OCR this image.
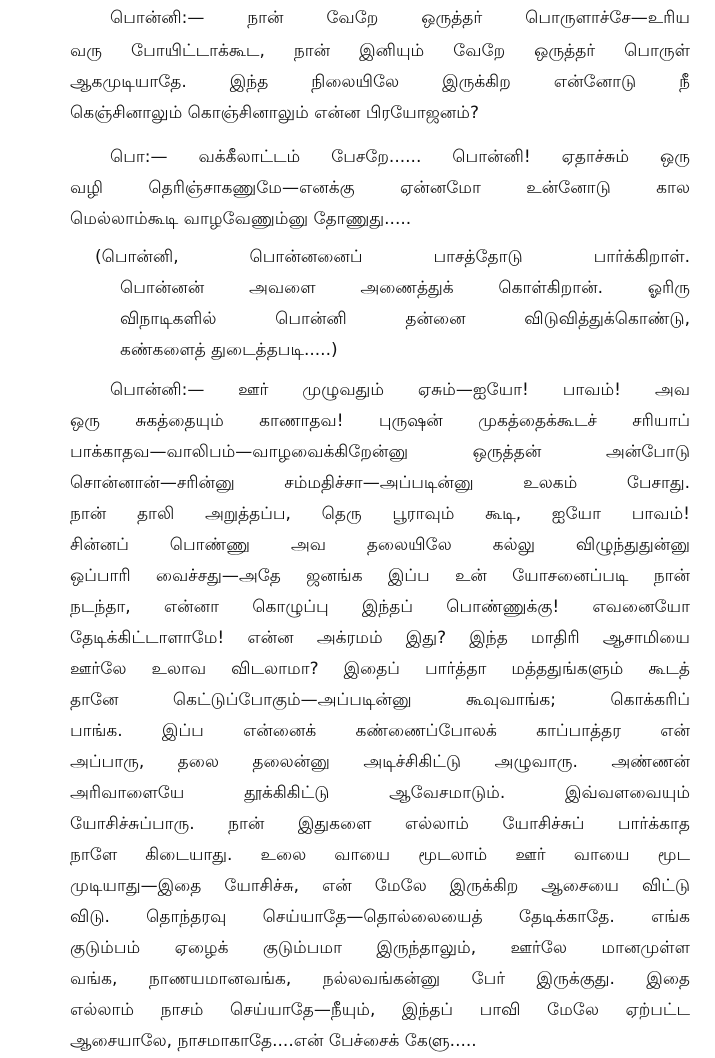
பொன்னி:— நான் வேறே ஒருத்தர் பொருளாச்சே—உரிய
வரு போயிட்டாக்கூட, நான் இனியும் வேறே ஒருத்தர் பொருள்
ஆகமுடியாதே. இந்த நிலையிலே இருக்கிற என்னோடு நீ
கெஞ்சினாலும் கொஞ்சினாலும் என்ன பிரயோஜனம்?
பொ:— வக்கீலாட்டம் பேசறே...... பொன்னி! ஏதாச்சும் ஒரு
வழி தெரிஞ்சாகணுமே—எனக்கு ஏன்னமோ உன்னோடு கால
மெல்லாம்கூடி வாழவேணும்னு தோணுது.....
(பொன்னி, பொன்னனைப் பாசத்தோடு பார்க்கிறாள்.
பொன்னன் அவளை அணைத்துக் கொள்கிறான். ஓரிரு
விநாடிகளில் பொன்னி தன்னை விடுவித்துக்கொண்டு,
கண்களைத் துடைத்தபடி.....)
பொன்னி:— ஊர் முழுவதும் ஏசும்—ஐயோ! பாவம்! அவ
ஒரு சுகத்தையும் காணாதவ! புருஷன் முகத்தைக்கூடச் சரியாப்
பாக்காதவ—வாலிபம்—வாழவைக்கிறேன்னு ஒருத்தன் அன்போடு
சொன்னான்—சரின்னு சம்மதிச்சா—அப்படின்னு உலகம் பேசாது.
நான் தாலி அறுத்தப்ப, தெரு பூராவும் கூடி, ஐயோ பாவம்!
சின்னப் பொண்ணு அவ தலையிலே கல்லு விழுந்துதுன்னு
ஒப்பாரி வைச்சது—அதே ஜனங்க இப்ப உன் யோசனைப்படி நான்
நடந்தா, என்னா கொழுப்பு இந்தப் பொண்ணுக்கு! எவனையோ
தேடிக்கிட்டாளாமே! என்ன அக்ரமம் இது? இந்த மாதிரி ஆசாமியை
ஊர்லே உலாவ விடலாமா? இதைப் பார்த்தா மத்ததுங்களும் கூடத்
தானே கெட்டுப்போகும்—அப்படின்னு கூவுவாங்க; கொக்கரிப்
பாங்க. இப்ப என்னைக் கண்ணைப்போலக் காப்பாத்தர என்
அப்பாரு, தலை தலைன்னு அடிச்சிகிட்டு அழுவாரு. அண்ணன்
அரிவாளையே தூக்கிகிட்டு ஆவேசமாடும். இவ்வளவையும்
யோசிச்சுப்பாரு. நான் இதுகளை எல்லாம் யோசிச்சுப் பார்க்காத
நாளே கிடையாது. உலை வாயை மூடலாம் ஊர் வாயை மூட
முடியாது—இதை யோசிச்சு, என் மேலே இருக்கிற ஆசையை விட்டு
விடு. தொந்தரவு செய்யாதே—தொல்லையைத் தேடிக்காதே. எங்க
குடும்பம் ஏழைக் குடும்பமா இருந்தாலும், ஊர்லே மானமுள்ள
வங்க, நாணயமானவங்க, நல்லவங்கன்னு பேர் இருக்குது. இதை
எல்லாம் நாசம் செய்யாதே—நீயும், இந்தப் பாவி மேலே ஏற்பட்ட
ஆசையாலே, நாசமாகாதே....என் பேச்சைக் கேளு.....
